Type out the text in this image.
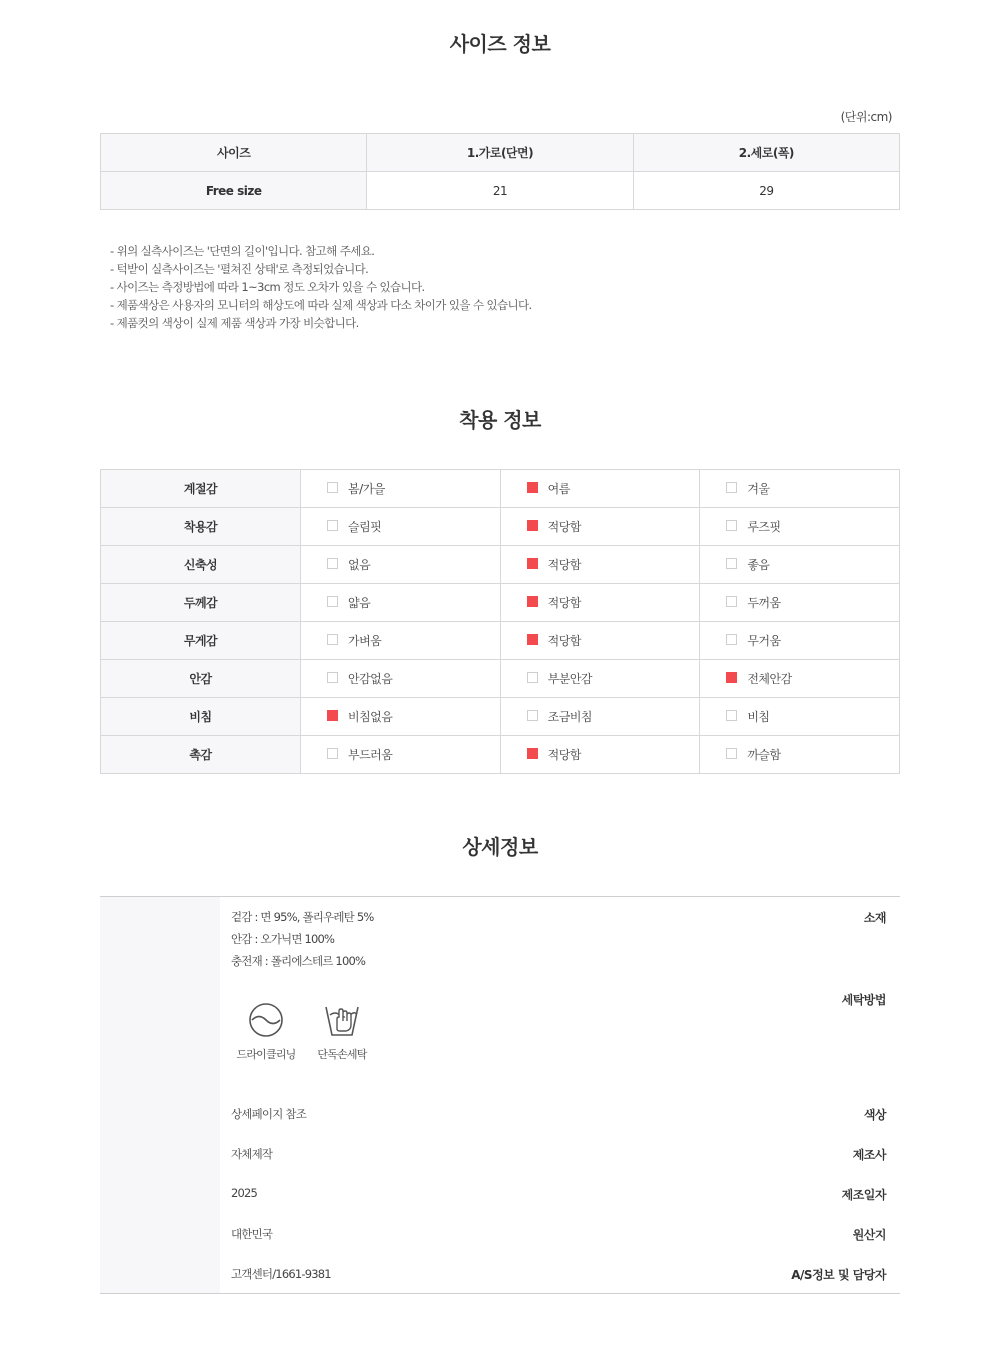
사이즈 정보
(단위:cm)
사이즈	1.가로(단면)	2.세로(폭)
Free size	21	29
- 위의 실측사이즈는 '단면의 길이'입니다. 참고해 주세요.
- 턱받이 실측사이즈는 '펼쳐진 상태'로 측정되었습니다.
- 사이즈는 측정방법에 따라 1~3cm 정도 오차가 있을 수 있습니다.
- 제품색상은 사용자의 모니터의 해상도에 따라 실제 색상과 다소 차이가 있을 수 있습니다.
- 제품컷의 색상이 실제 제품 색상과 가장 비슷합니다.
착용 정보
계절감	봄/가을	여름	겨울
착용감	슬림핏	적당함	루즈핏
신축성	없음	적당함	좋음
두께감	얇음	적당함	두꺼움
무게감	가벼움	적당함	무거움
안감	안감없음	부분안감	전체안감
비침	비침없음	조금비침	비침
촉감	부드러움	적당함	까슬함
상세정보
소재
겉감 : 면 95%, 폴리우레탄 5%
안감 : 오가닉면 100%
충전재 : 폴리에스테르 100%
세탁방법
드라이클리닝	단독손세탁
색상
상세페이지 참조
제조사
자체제작
제조일자
2025
원산지
대한민국
A/S정보 및 담당자
고객센터/1661-9381
